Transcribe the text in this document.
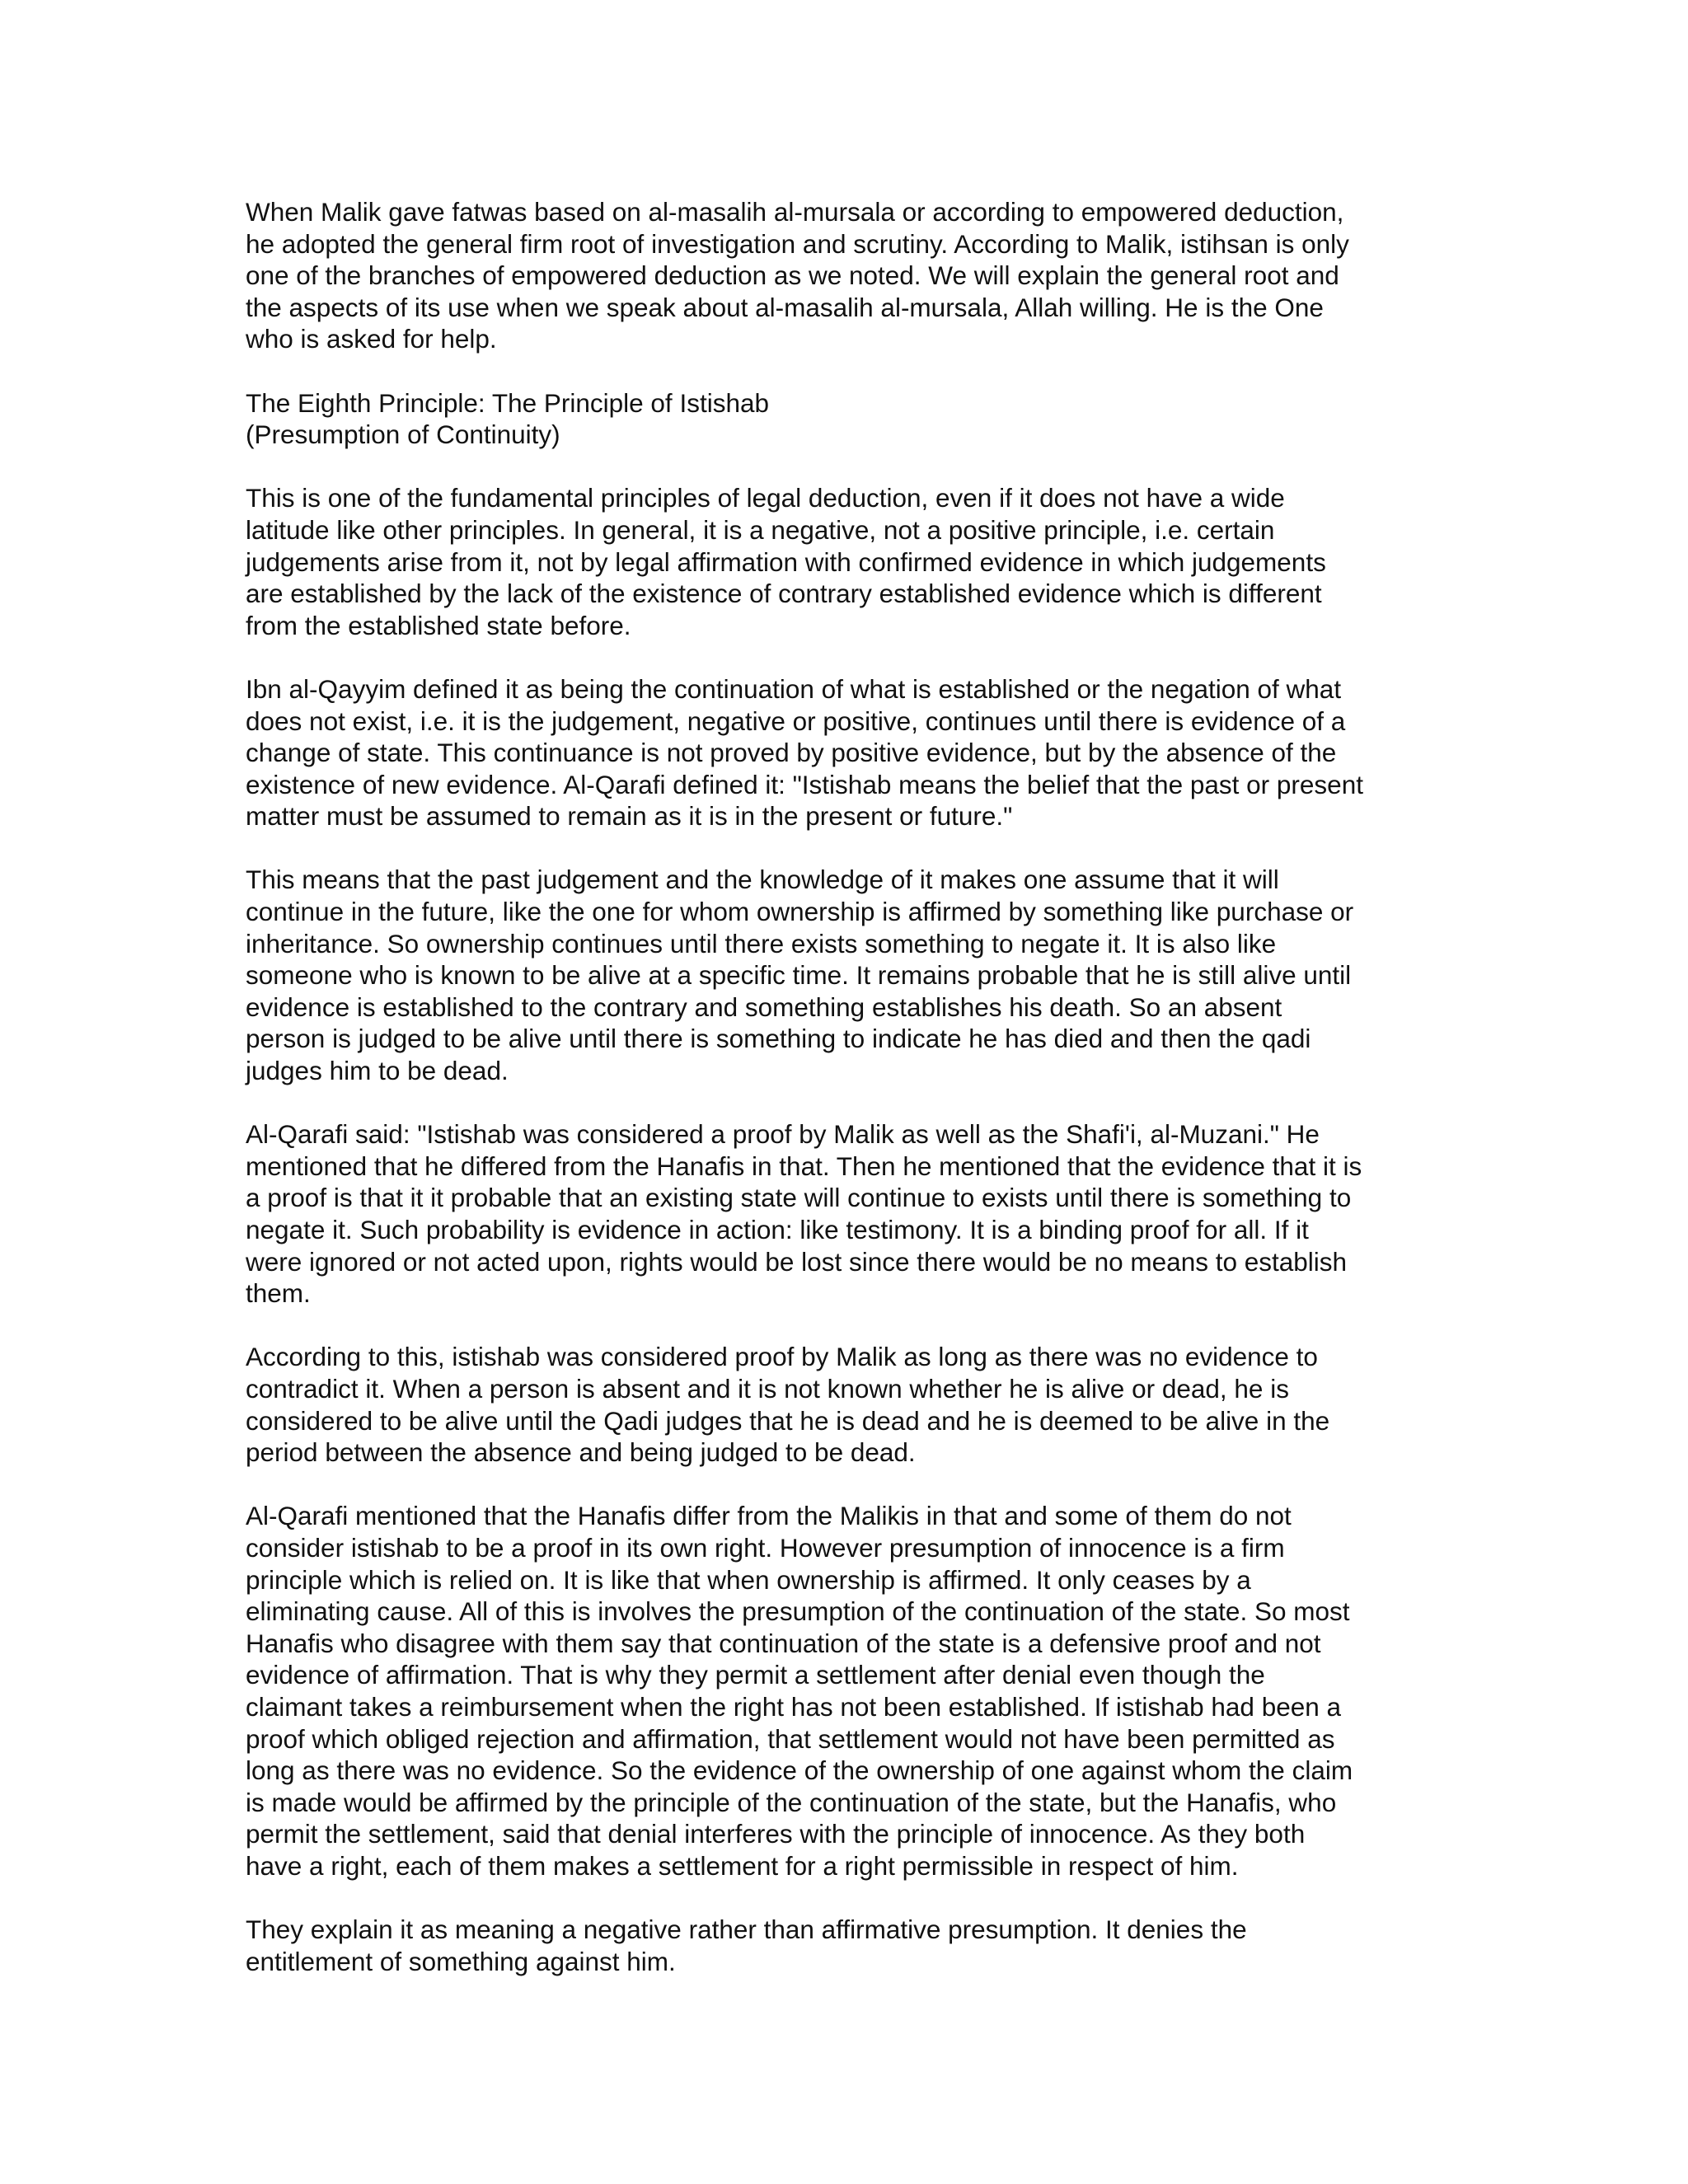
When Malik gave fatwas based on al-masalih al-mursala or according to empowered deduction,
he adopted the general firm root of investigation and scrutiny. According to Malik, istihsan is only
one of the branches of empowered deduction as we noted. We will explain the general root and
the aspects of its use when we speak about al-masalih al-mursala, Allah willing. He is the One
who is asked for help.

The Eighth Principle: The Principle of Istishab
(Presumption of Continuity)

This is one of the fundamental principles of legal deduction, even if it does not have a wide
latitude like other principles. In general, it is a negative, not a positive principle, i.e. certain
judgements arise from it, not by legal affirmation with confirmed evidence in which judgements
are established by the lack of the existence of contrary established evidence which is different
from the established state before.

Ibn al-Qayyim defined it as being the continuation of what is established or the negation of what
does not exist, i.e. it is the judgement, negative or positive, continues until there is evidence of a
change of state. This continuance is not proved by positive evidence, but by the absence of the
existence of new evidence. Al-Qarafi defined it: "Istishab means the belief that the past or present
matter must be assumed to remain as it is in the present or future."

This means that the past judgement and the knowledge of it makes one assume that it will
continue in the future, like the one for whom ownership is affirmed by something like purchase or
inheritance. So ownership continues until there exists something to negate it. It is also like
someone who is known to be alive at a specific time. It remains probable that he is still alive until
evidence is established to the contrary and something establishes his death. So an absent
person is judged to be alive until there is something to indicate he has died and then the qadi
judges him to be dead.

Al-Qarafi said: "Istishab was considered a proof by Malik as well as the Shafi'i, al-Muzani." He
mentioned that he differed from the Hanafis in that. Then he mentioned that the evidence that it is
a proof is that it it probable that an existing state will continue to exists until there is something to
negate it. Such probability is evidence in action: like testimony. It is a binding proof for all. If it
were ignored or not acted upon, rights would be lost since there would be no means to establish
them.

According to this, istishab was considered proof by Malik as long as there was no evidence to
contradict it. When a person is absent and it is not known whether he is alive or dead, he is
considered to be alive until the Qadi judges that he is dead and he is deemed to be alive in the
period between the absence and being judged to be dead.

Al-Qarafi mentioned that the Hanafis differ from the Malikis in that and some of them do not
consider istishab to be a proof in its own right. However presumption of innocence is a firm
principle which is relied on. It is like that when ownership is affirmed. It only ceases by a
eliminating cause. All of this is involves the presumption of the continuation of the state. So most
Hanafis who disagree with them say that continuation of the state is a defensive proof and not
evidence of affirmation. That is why they permit a settlement after denial even though the
claimant takes a reimbursement when the right has not been established. If istishab had been a
proof which obliged rejection and affirmation, that settlement would not have been permitted as
long as there was no evidence. So the evidence of the ownership of one against whom the claim
is made would be affirmed by the principle of the continuation of the state, but the Hanafis, who
permit the settlement, said that denial interferes with the principle of innocence. As they both
have a right, each of them makes a settlement for a right permissible in respect of him.

They explain it as meaning a negative rather than affirmative presumption. It denies the
entitlement of something against him.
